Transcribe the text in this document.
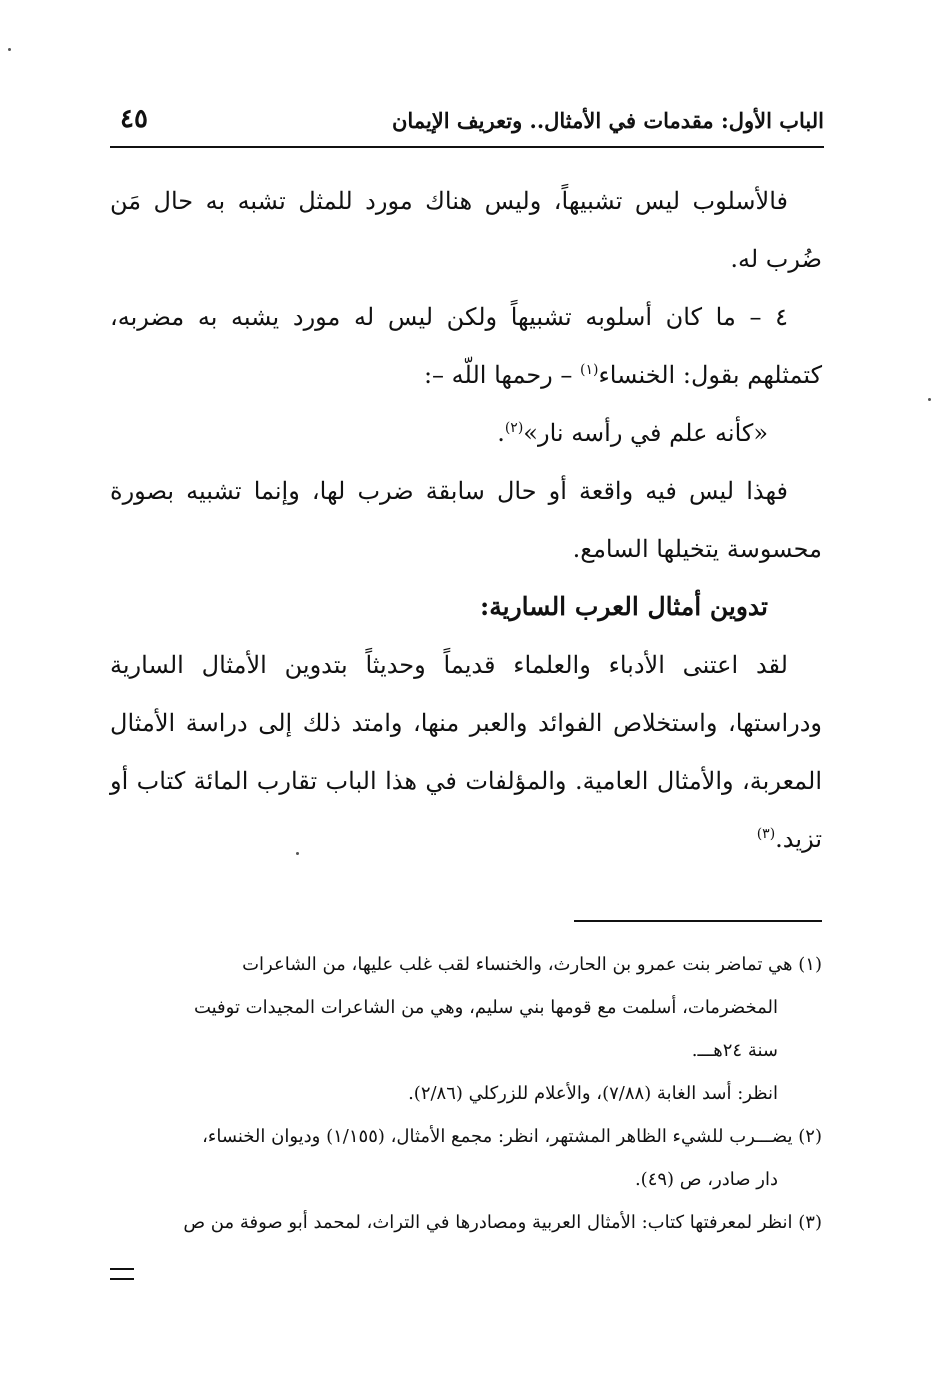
الباب الأول: مقدمات في الأمثال.. وتعريف الإيمان
٤٥

فالأسلوب ليس تشبيهاً، وليس هناك مورد للمثل تشبه به حال مَن ضُرب له.

٤ – ما كان أسلوبه تشبيهاً ولكن ليس له مورد يشبه به مضربه، كتمثلهم بقول: الخنساء$^{(١)}$ – رحمها اللّه –:

«كأنه علم في رأسه نار»$^{(٢)}$.

فهذا ليس فيه واقعة أو حال سابقة ضرب لها، وإنما تشبيه بصورة محسوسة يتخيلها السامع.

تدوين أمثال العرب السارية:

لقد اعتنى الأدباء والعلماء قديماً وحديثاً بتدوين الأمثال السارية ودراستها، واستخلاص الفوائد والعبر منها، وامتد ذلك إلى دراسة الأمثال المعربة، والأمثال العامية. والمؤلفات في هذا الباب تقارب المائة كتاب أو تزيد.$^{(٣)}$

(١) هي تماضر بنت عمرو بن الحارث، والخنساء لقب غلب عليها، من الشاعرات

المخضرمات، أسلمت مع قومها بني سليم، وهي من الشاعرات المجيدات توفيت

سنة ٢٤هـــ.

انظر: أسد الغابة (٧/٨٨)، والأعلام للزركلي (٢/٨٦).

(٢) يضـــرب للشيء الظاهر المشتهر، انظر: مجمع الأمثال، (١/١٥٥) وديوان الخنساء،

دار صادر، ص (٤٩).

(٣) انظر لمعرفتها كتاب: الأمثال العربية ومصادرها في التراث، لمحمد أبو صوفة من ص
